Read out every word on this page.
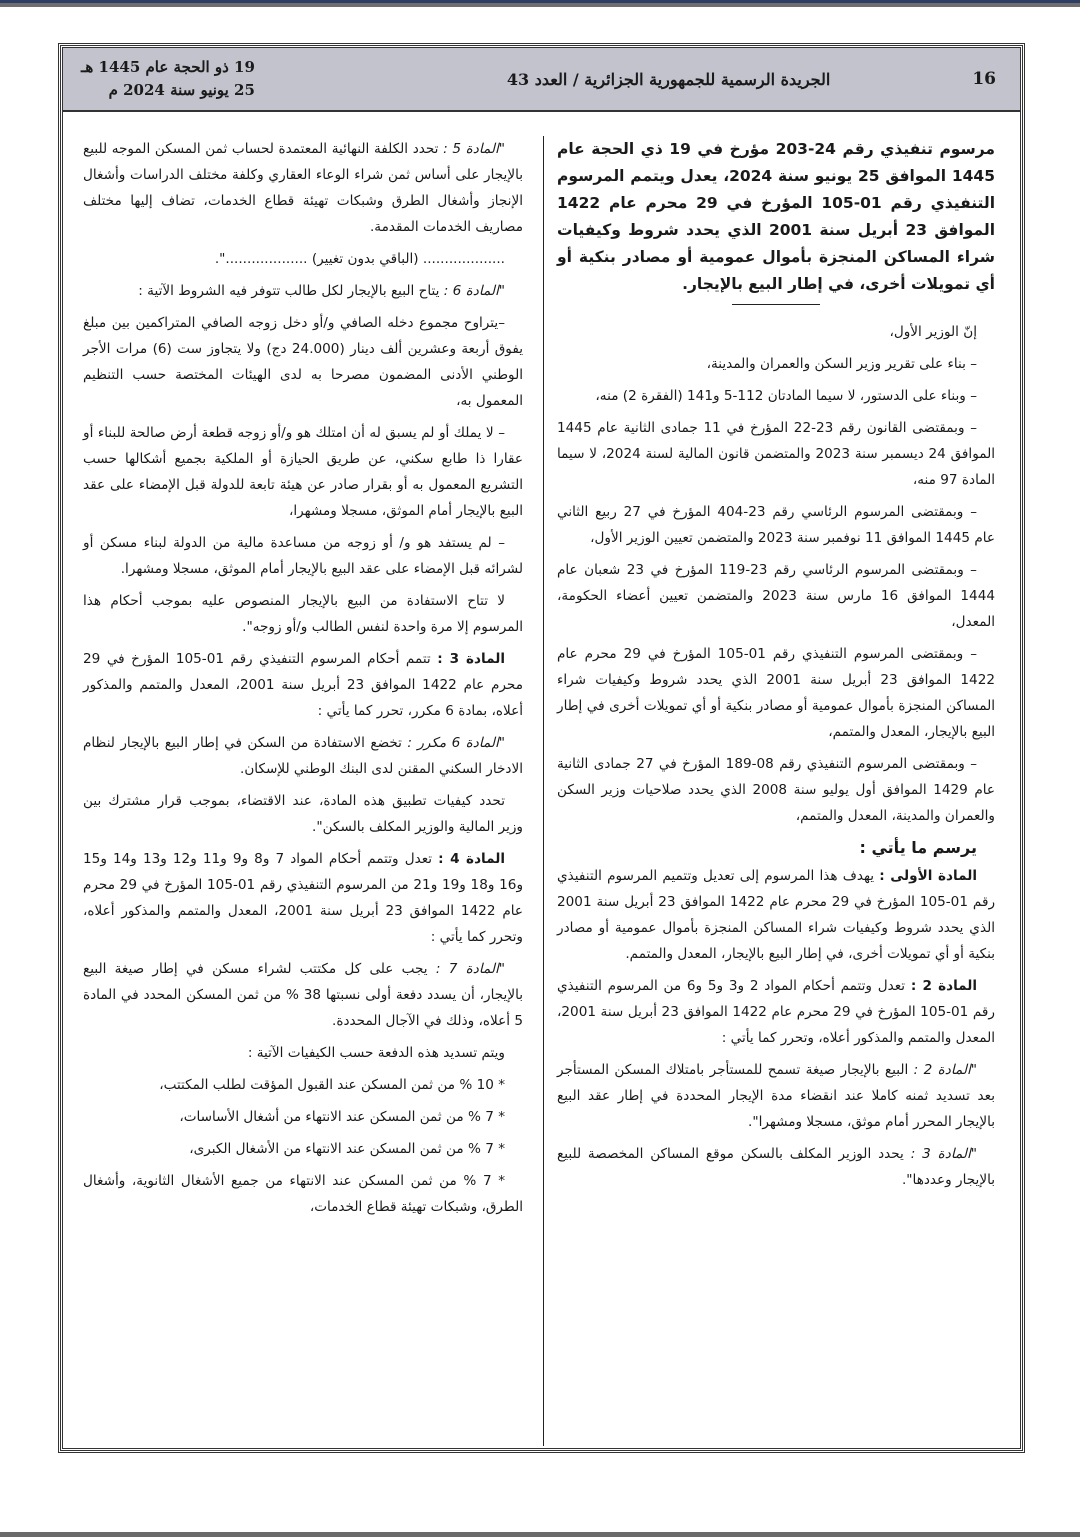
16
الجريدة الرسمية للجمهورية الجزائرية / العدد 43
19 ذو الحجة عام 1445 هـ
25 يونيو سنة 2024 م

مرسوم تنفيذي رقم 24-203 مؤرخ في 19 ذي الحجة عام 1445 الموافق 25 يونيو سنة 2024، يعدل ويتمم المرسوم التنفيذي رقم 01-105 المؤرخ في 29 محرم عام 1422 الموافق 23 أبريل سنة 2001 الذي يحدد شروط وكيفيات شراء المساكن المنجزة بأموال عمومية أو مصادر بنكية أو أي تمويلات أخرى، في إطار البيع بالإيجار.

إنّ الوزير الأول،

– بناء على تقرير وزير السكن والعمران والمدينة،

– وبناء على الدستور، لا سيما المادتان 112-5 و141 (الفقرة 2) منه،

– وبمقتضى القانون رقم 23-22 المؤرخ في 11 جمادى الثانية عام 1445 الموافق 24 ديسمبر سنة 2023 والمتضمن قانون المالية لسنة 2024، لا سيما المادة 97 منه،

– وبمقتضى المرسوم الرئاسي رقم 23-404 المؤرخ في 27 ربيع الثاني عام 1445 الموافق 11 نوفمبر سنة 2023 والمتضمن تعيين الوزير الأول،

– وبمقتضى المرسوم الرئاسي رقم 23-119 المؤرخ في 23 شعبان عام 1444 الموافق 16 مارس سنة 2023 والمتضمن تعيين أعضاء الحكومة، المعدل،

– وبمقتضى المرسوم التنفيذي رقم 01-105 المؤرخ في 29 محرم عام 1422 الموافق 23 أبريل سنة 2001 الذي يحدد شروط وكيفيات شراء المساكن المنجزة بأموال عمومية أو مصادر بنكية أو أي تمويلات أخرى في إطار البيع بالإيجار، المعدل والمتمم،

– وبمقتضى المرسوم التنفيذي رقم 08-189 المؤرخ في 27 جمادى الثانية عام 1429 الموافق أول يوليو سنة 2008 الذي يحدد صلاحيات وزير السكن والعمران والمدينة، المعدل والمتمم،

يرسم ما يأتي :

المادة الأولى : يهدف هذا المرسوم إلى تعديل وتتميم المرسوم التنفيذي رقم 01-105 المؤرخ في 29 محرم عام 1422 الموافق 23 أبريل سنة 2001 الذي يحدد شروط وكيفيات شراء المساكن المنجزة بأموال عمومية أو مصادر بنكية أو أي تمويلات أخرى، في إطار البيع بالإيجار، المعدل والمتمم.

المادة 2 : تعدل وتتمم أحكام المواد 2 و3 و5 و6 من المرسوم التنفيذي رقم 01-105 المؤرخ في 29 محرم عام 1422 الموافق 23 أبريل سنة 2001، المعدل والمتمم والمذكور أعلاه، وتحرر كما يأتي :

"المادة 2 : البيع بالإيجار صيغة تسمح للمستأجر بامتلاك المسكن المستأجر بعد تسديد ثمنه كاملا عند انقضاء مدة الإيجار المحددة في إطار عقد البيع بالإيجار المحرر أمام موثق، مسجلا ومشهرا".

"المادة 3 : يحدد الوزير المكلف بالسكن موقع المساكن المخصصة للبيع بالإيجار وعددها".

"المادة 5 : تحدد الكلفة النهائية المعتمدة لحساب ثمن المسكن الموجه للبيع بالإيجار على أساس ثمن شراء الوعاء العقاري وكلفة مختلف الدراسات وأشغال الإنجاز وأشغال الطرق وشبكات تهيئة قطاع الخدمات، تضاف إليها مختلف مصاريف الخدمات المقدمة.

................... (الباقي بدون تغيير) ...................".

"المادة 6 : يتاح البيع بالإيجار لكل طالب تتوفر فيه الشروط الآتية :

–يتراوح مجموع دخله الصافي و/أو دخل زوجه الصافي المتراكمين بين مبلغ يفوق أربعة وعشرين ألف دينار (24.000 دج) ولا يتجاوز ست (6) مرات الأجر الوطني الأدنى المضمون مصرحا به لدى الهيئات المختصة حسب التنظيم المعمول به،

– لا يملك أو لم يسبق له أن امتلك هو و/أو زوجه قطعة أرض صالحة للبناء أو عقارا ذا طابع سكني، عن طريق الحيازة أو الملكية بجميع أشكالها حسب التشريع المعمول به أو بقرار صادر عن هيئة تابعة للدولة قبل الإمضاء على عقد البيع بالإيجار أمام الموثق، مسجلا ومشهرا،

– لم يستفد هو و/ أو زوجه من مساعدة مالية من الدولة لبناء مسكن أو لشرائه قبل الإمضاء على عقد البيع بالإيجار أمام الموثق، مسجلا ومشهرا.

لا تتاح الاستفادة من البيع بالإيجار المنصوص عليه بموجب أحكام هذا المرسوم إلا مرة واحدة لنفس الطالب و/أو زوجه".

المادة 3 : تتمم أحكام المرسوم التنفيذي رقم 01-105 المؤرخ في 29 محرم عام 1422 الموافق 23 أبريل سنة 2001، المعدل والمتمم والمذكور أعلاه، بمادة 6 مكرر، تحرر كما يأتي :

"المادة 6 مكرر : تخضع الاستفادة من السكن في إطار البيع بالإيجار لنظام الادخار السكني المقنن لدى البنك الوطني للإسكان.

تحدد كيفيات تطبيق هذه المادة، عند الاقتضاء، بموجب قرار مشترك بين وزير المالية والوزير المكلف بالسكن".

المادة 4 : تعدل وتتمم أحكام المواد 7 و8 و9 و11 و12 و13 و14 و15 و16 و18 و19 و21 من المرسوم التنفيذي رقم 01-105 المؤرخ في 29 محرم عام 1422 الموافق 23 أبريل سنة 2001، المعدل والمتمم والمذكور أعلاه، وتحرر كما يأتي :

"المادة 7 : يجب على كل مكتتب لشراء مسكن في إطار صيغة البيع بالإيجار، أن يسدد دفعة أولى نسبتها 38 % من ثمن المسكن المحدد في المادة 5 أعلاه، وذلك في الآجال المحددة.

ويتم تسديد هذه الدفعة حسب الكيفيات الآتية :

* 10 % من ثمن المسكن عند القبول المؤقت لطلب المكتتب،

* 7 % من ثمن المسكن عند الانتهاء من أشغال الأساسات،

* 7 % من ثمن المسكن عند الانتهاء من الأشغال الكبرى،

* 7 % من ثمن المسكن عند الانتهاء من جميع الأشغال الثانوية، وأشغال الطرق، وشبكات تهيئة قطاع الخدمات،
